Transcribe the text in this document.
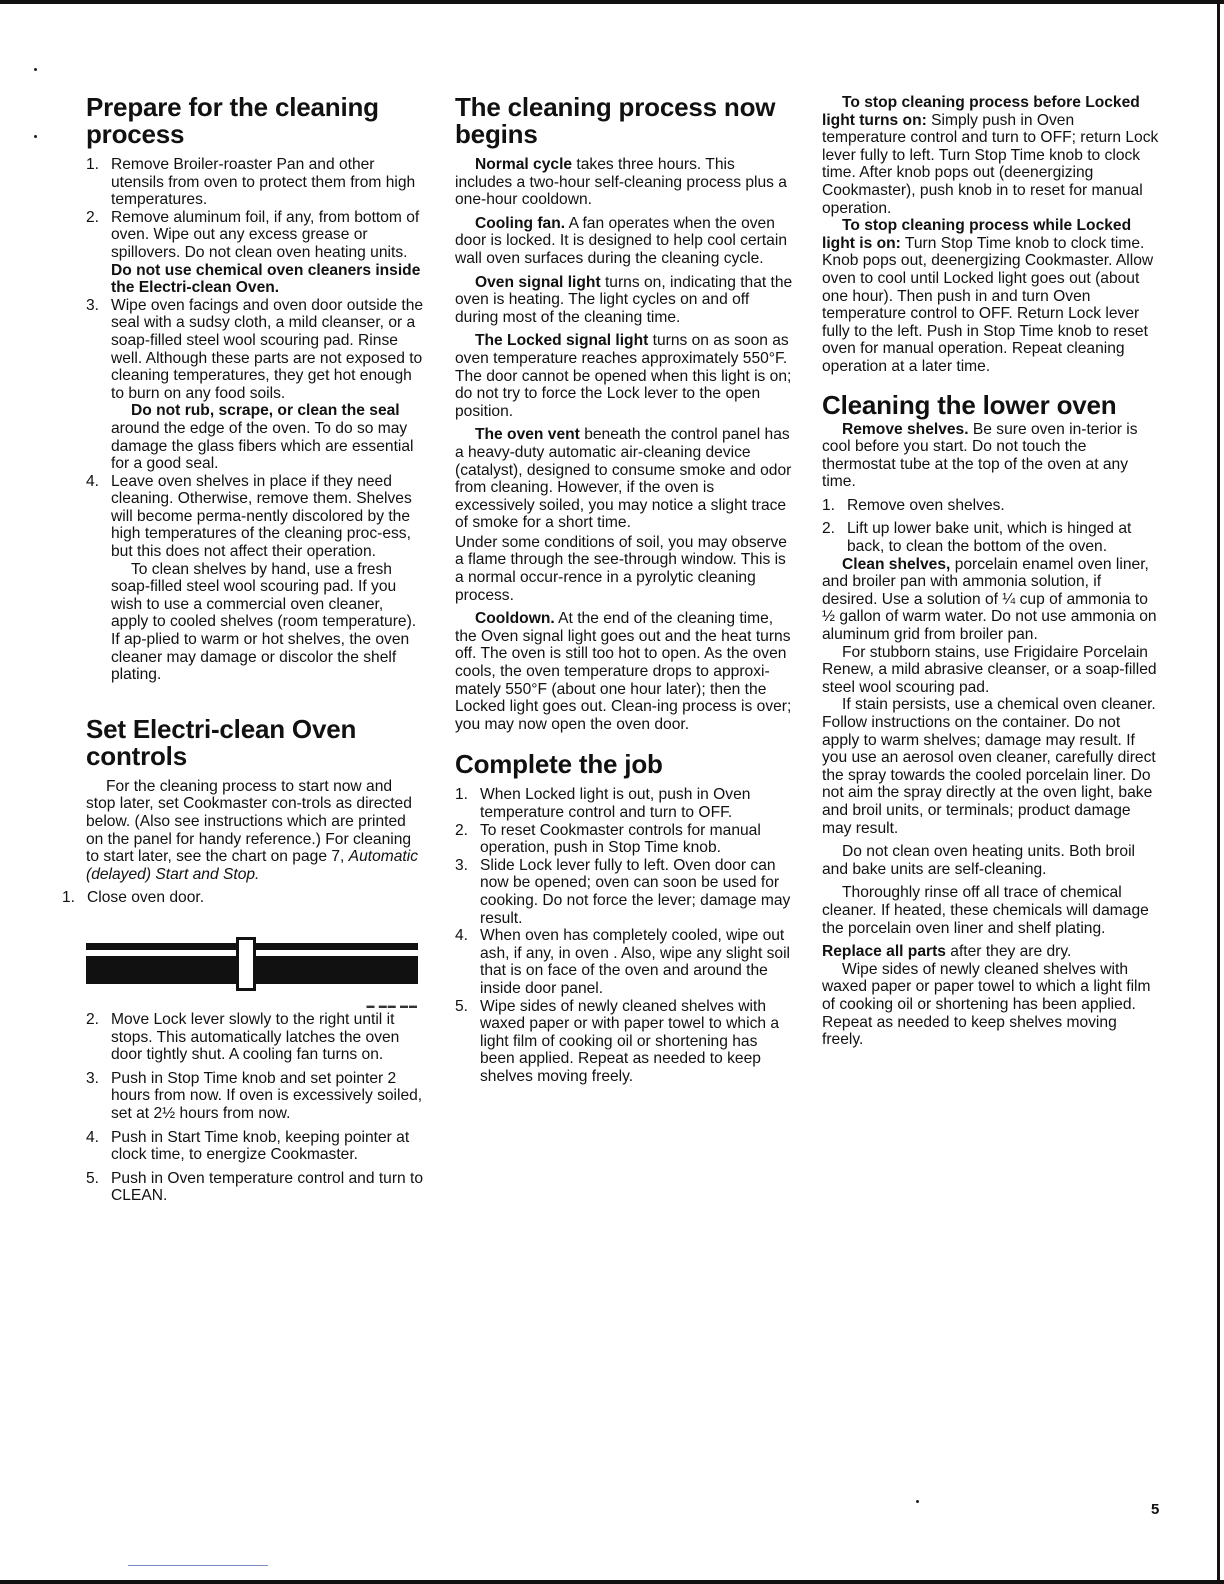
Prepare for the cleaning process
1. Remove Broiler-roaster Pan and other utensils from oven to protect them from high temperatures.

2. Remove aluminum foil, if any, from bottom of oven. Wipe out any excess grease or spillovers. Do not clean oven heating units. Do not use chemical oven cleaners inside the Electri-clean Oven.

3. Wipe oven facings and oven door outside the seal with a sudsy cloth, a mild cleanser, or a soap-filled steel wool scouring pad. Rinse well. Although these parts are not exposed to cleaning temperatures, they get hot enough to burn on any food soils.

Do not rub, scrape, or clean the seal around the edge of the oven. To do so may damage the glass fibers which are essential for a good seal.

4. Leave oven shelves in place if they need cleaning. Otherwise, remove them. Shelves will become perma-nently discolored by the high temperatures of the cleaning proc-ess, but this does not affect their operation.

To clean shelves by hand, use a fresh soap-filled steel wool scouring pad. If you wish to use a commercial oven cleaner, apply to cooled shelves (room temperature). If ap-plied to warm or hot shelves, the oven cleaner may damage or discolor the shelf plating.

Set Electri-clean Oven controls

For the cleaning process to start now and stop later, set Cookmaster con-trols as directed below. (Also see instructions which are printed on the panel for handy reference.) For cleaning to start later, see the chart on page 7, Automatic (delayed) Start and Stop.

1. Close oven door.

▬ ▬▬ ▬▬
2. Move Lock lever slowly to the right until it stops. This automatically latches the oven door tightly shut. A cooling fan turns on.

3. Push in Stop Time knob and set pointer 2 hours from now. If oven is excessively soiled, set at 2½ hours from now.

4. Push in Start Time knob, keeping pointer at clock time, to energize Cookmaster.

5. Push in Oven temperature control and turn to CLEAN.

The cleaning process now begins

Normal cycle takes three hours. This includes a two-hour self-cleaning process plus a one-hour cooldown.

Cooling fan. A fan operates when the oven door is locked. It is designed to help cool certain wall oven surfaces during the cleaning cycle.

Oven signal light turns on, indicating that the oven is heating. The light cycles on and off during most of the cleaning time.

The Locked signal light turns on as soon as oven temperature reaches approximately 550°F. The door cannot be opened when this light is on; do not try to force the Lock lever to the open position.

The oven vent beneath the control panel has a heavy-duty automatic air-cleaning device (catalyst), designed to consume smoke and odor from cleaning. However, if the oven is excessively soiled, you may notice a slight trace of smoke for a short time.

Under some conditions of soil, you may observe a flame through the see-through window. This is a normal occur-rence in a pyrolytic cleaning process.

Cooldown. At the end of the cleaning time, the Oven signal light goes out and the heat turns off. The oven is still too hot to open. As the oven cools, the oven temperature drops to approxi-mately 550°F (about one hour later); then the Locked light goes out. Clean-ing process is over; you may now open the oven door.

Complete the job
1. When Locked light is out, push in Oven temperature control and turn to OFF.

2. To reset Cookmaster controls for manual operation, push in Stop Time knob.

3. Slide Lock lever fully to left. Oven door can now be opened; oven can soon be used for cooking. Do not force the lever; damage may result.

4. When oven has completely cooled, wipe out ash, if any, in oven . Also, wipe any slight soil that is on face of the oven and around the inside door panel.

5. Wipe sides of newly cleaned shelves with waxed paper or with paper towel to which a light film of cooking oil or shortening has been applied. Repeat as needed to keep shelves moving freely.

To stop cleaning process before Locked light turns on: Simply push in Oven temperature control and turn to OFF; return Lock lever fully to left. Turn Stop Time knob to clock time. After knob pops out (deenergizing Cookmaster), push knob in to reset for manual operation.

To stop cleaning process while Locked light is on: Turn Stop Time knob to clock time. Knob pops out, deenergizing Cookmaster. Allow oven to cool until Locked light goes out (about one hour). Then push in and turn Oven temperature control to OFF. Return Lock lever fully to the left. Push in Stop Time knob to reset oven for manual operation. Repeat cleaning operation at a later time.

Cleaning the lower oven

Remove shelves. Be sure oven in-terior is cool before you start. Do not touch the thermostat tube at the top of the oven at any time.

1. Remove oven shelves.

2. Lift up lower bake unit, which is hinged at back, to clean the bottom of the oven.

Clean shelves, porcelain enamel oven liner, and broiler pan with ammonia solution, if desired. Use a solution of ¼ cup of ammonia to ½ gallon of warm water. Do not use ammonia on aluminum grid from broiler pan.

For stubborn stains, use Frigidaire Porcelain Renew, a mild abrasive cleanser, or a soap-filled steel wool scouring pad.

If stain persists, use a chemical oven cleaner. Follow instructions on the container. Do not apply to warm shelves; damage may result. If you use an aerosol oven cleaner, carefully direct the spray towards the cooled porcelain liner. Do not aim the spray directly at the oven light, bake and broil units, or terminals; product damage may result.

Do not clean oven heating units. Both broil and bake units are self-cleaning.

Thoroughly rinse off all trace of chemical cleaner. If heated, these chemicals will damage the porcelain oven liner and shelf plating.

Replace all parts after they are dry.

Wipe sides of newly cleaned shelves with waxed paper or paper towel to which a light film of cooking oil or shortening has been applied. Repeat as needed to keep shelves moving freely.

5
